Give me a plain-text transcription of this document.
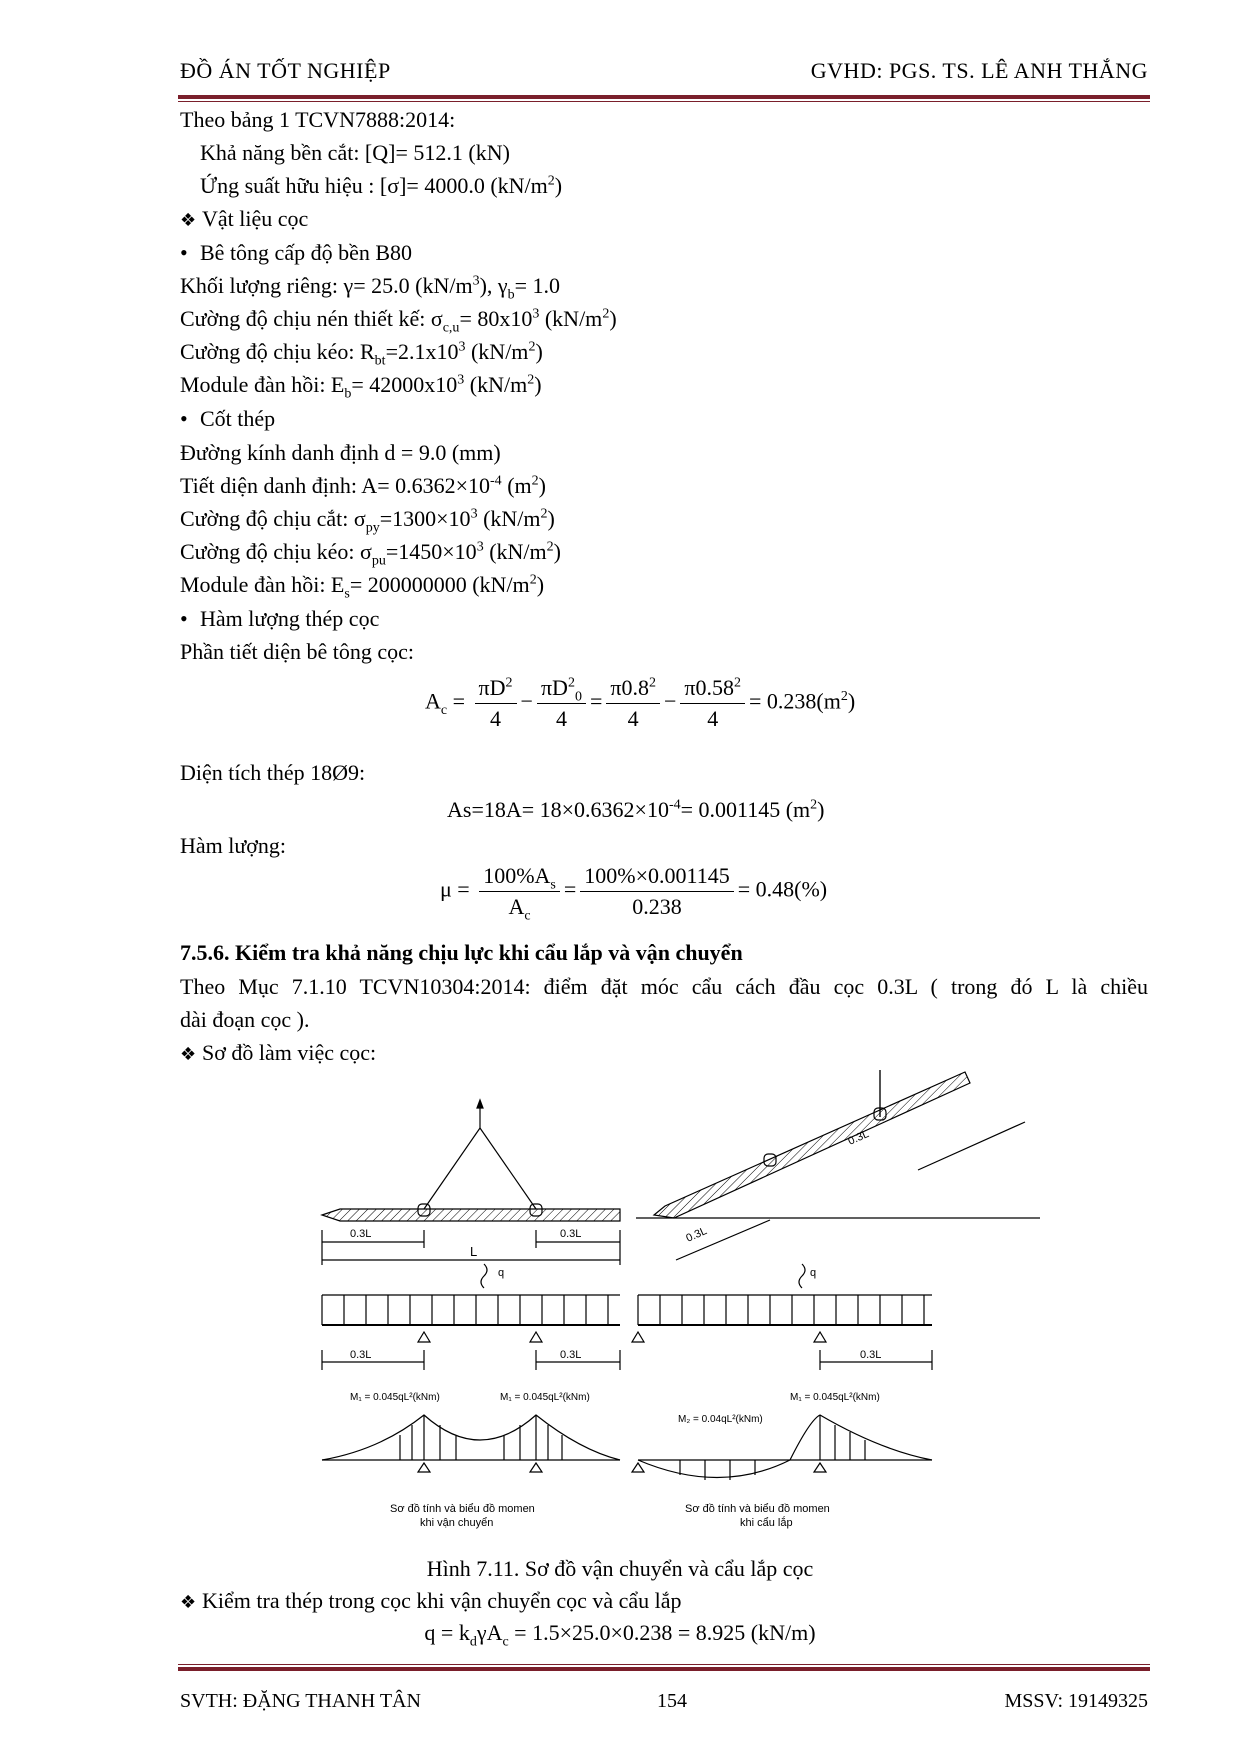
ĐỒ ÁN TỐT NGHIỆP	GVHD: PGS. TS. LÊ ANH THẮNG
Theo bảng 1 TCVN7888:2014:
Khả năng bền cắt: [Q]= 512.1 (kN)
Ứng suất hữu hiệu : [σ]= 4000.0 $(kN/m^2)$
❖ Vật liệu cọc
• Bê tông cấp độ bền B80
Khối lượng riêng: γ= 25.0 $(kN/m^3)$, $\gamma_b= 1.0$
Cường độ chịu nén thiết kế: $\sigma_{c,u}= 80x10^3$ $(kN/m^2)$
Cường độ chịu kéo: $R_{bt}=2.1x10^3$ $(kN/m^2)$
Module đàn hồi: $E_b= 42000x10^3$ $(kN/m^2)$
• Cốt thép
Đường kính danh định d = 9.0 (mm)
Tiết diện danh định: $A= 0.6362\times 10^{-4}$ $(m^2)$
Cường độ chịu cắt: $\sigma_{py}=1300\times 10^3$ $(kN/m^2)$
Cường độ chịu kéo: $\sigma_{pu}=1450\times 10^3$ $(kN/m^2)$
Module đàn hồi: $E_s= 200000000$ $(kN/m^2)$
• Hàm lượng thép cọc
Phần tiết diện bê tông cọc:
$A_c = \frac{\pi D^2}{4} - \frac{\pi D^2_0}{4} = \frac{\pi 0.8^2}{4} - \frac{\pi 0.58^2}{4} = 0.238(m^2)$
Diện tích thép 18Ø9:
$As=18A= 18\times 0.6362\times 10^{-4}= 0.001145$ $(m^2)$
Hàm lượng:
$\mu = \frac{100\%A_s}{A_c} = \frac{100\%\times 0.001145}{0.238} = 0.48(\%)$
7.5.6. Kiểm tra khả năng chịu lực khi cẩu lắp và vận chuyển
Theo Mục 7.1.10 TCVN10304:2014: điểm đặt móc cẩu cách đầu cọc 0.3L ( trong đó L là chiều
dài đoạn cọc ).
❖ Sơ đồ làm việc cọc:
0.3L	0.3L
L
q
0.3L	0.3L
M₁ = 0.045qL²(kNm)	M₁ = 0.045qL²(kNm)
Sơ đồ tính và biểu đồ momen
khi vận chuyển
0.3L
0.3L
q
0.3L
M₂ = 0.04qL²(kNm)
M₁ = 0.045qL²(kNm)
Sơ đồ tính và biểu đồ momen
khi cẩu lắp
Hình 7.11. Sơ đồ vận chuyển và cẩu lắp cọc
❖ Kiểm tra thép trong cọc khi vận chuyển cọc và cẩu lắp
$q = k_d\gamma A_c = 1.5\times 25.0\times 0.238 = 8.925$ (kN/m)
SVTH: ĐẶNG THANH TÂN	154	MSSV: 19149325
